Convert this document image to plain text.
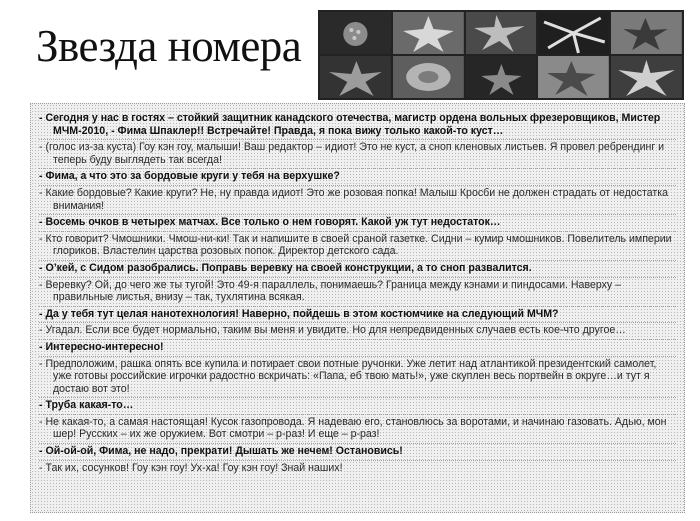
Звезда номера
- Сегодня у нас в гостях – стойкий защитник канадского отечества, магистр ордена вольных фрезеровщиков, Мистер МЧМ-2010, - Фима Шпаклер!! Встречайте! Правда, я пока вижу только какой-то куст…
- (голос из-за куста) Гоу кэн гоу, малыши! Ваш редактор – идиот! Это не куст, а сноп кленовых листьев. Я провел ребрендинг и теперь буду выглядеть так всегда!
- Фима, а что это за бордовые круги у тебя на верхушке?
- Какие бордовые? Какие круги? Не, ну правда идиот! Это же розовая попка! Малыш Кросби не должен страдать от недостатка внимания!
- Восемь очков в четырех матчах. Все только о нем говорят. Какой уж тут недостаток…
- Кто говорит? Чмошники. Чмош-ни-ки! Так и напишите в своей сраной газетке. Сидни – кумир чмошников. Повелитель империи глориков. Властелин царства розовых попок. Директор детского сада.
- О’кей, с Сидом разобрались. Поправь веревку на своей конструкции, а то сноп развалится.
- Веревку? Ой, до чего же ты тугой! Это 49-я параллель, понимаешь? Граница между кэнами и пиндосами. Наверху – правильные листья, внизу – так, тухлятина всякая.
- Да у тебя тут целая нанотехнология! Наверно, пойдешь в этом костюмчике на следующий МЧМ?
- Угадал. Если все будет нормально, таким вы меня и увидите. Но для непредвиденных случаев есть кое-что другое…
- Интересно-интересно!
- Предположим, рашка опять все купила и потирает свои потные ручонки. Уже летит над атлантикой президентский самолет, уже готовы российские игрочки радостно вскричать: «Папа, еб твою мать!», уже скуплен весь портвейн в округе…и тут я достаю вот это!
- Труба какая-то…
- Не какая-то, а самая настоящая! Кусок газопровода. Я надеваю его, становлюсь за воротами, и начинаю газовать. Адью, мон шер! Русских – их же оружием. Вот смотри – р-раз! И еще – р-раз!
- Ой-ой-ой, Фима, не надо, прекрати! Дышать же нечем! Остановись!
- Так их, сосунков! Гоу кэн гоу! Ух-ха! Гоу кэн гоу! Знай наших!
